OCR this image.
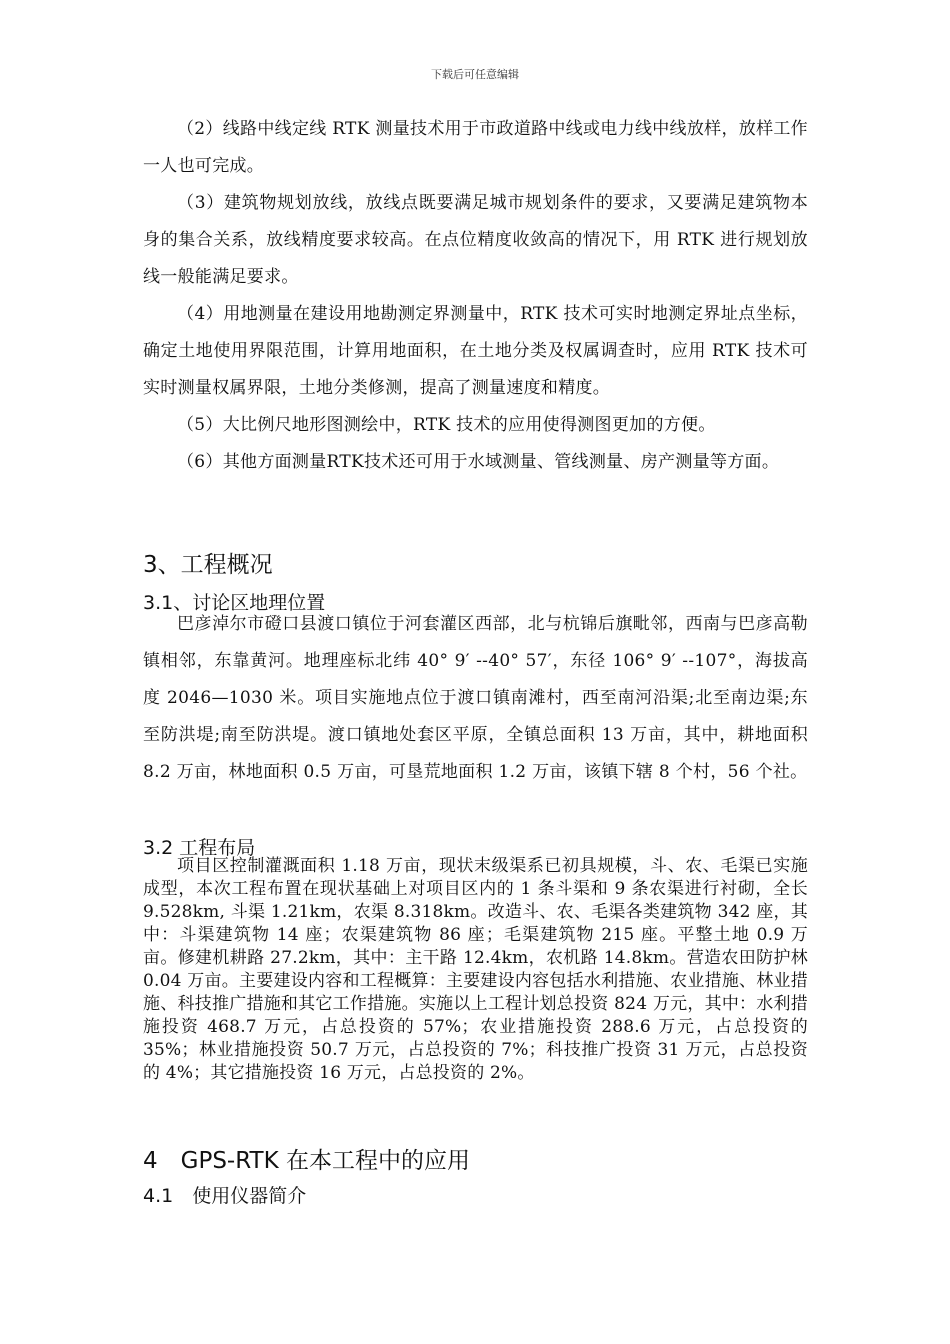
下载后可任意编辑

（2）线路中线定线 RTK 测量技术用于市政道路中线或电力线中线放样，放样工作一人也可完成。

（3）建筑物规划放线，放线点既要满足城市规划条件的要求，又要满足建筑物本身的集合关系，放线精度要求较高。在点位精度收敛高的情况下，用 RTK 进行规划放线一般能满足要求。

（4）用地测量在建设用地勘测定界测量中，RTK 技术可实时地测定界址点坐标，确定土地使用界限范围，计算用地面积，在土地分类及权属调查时，应用 RTK 技术可实时测量权属界限，土地分类修测，提高了测量速度和精度。

（5）大比例尺地形图测绘中，RTK 技术的应用使得测图更加的方便。

（6）其他方面测量RTK技术还可用于水域测量、管线测量、房产测量等方面。

3、工程概况
3.1、讨论区地理位置

巴彦淖尔市磴口县渡口镇位于河套灌区西部，北与杭锦后旗毗邻，西南与巴彦高勒镇相邻，东靠黄河。地理座标北纬 40° 9′ --40° 57′，东径 106° 9′ --107°，海拔高度 2046—1030 米。项目实施地点位于渡口镇南滩村，西至南河沿渠;北至南边渠;东至防洪堤;南至防洪堤。渡口镇地处套区平原，全镇总面积 13 万亩，其中，耕地面积 8.2 万亩，林地面积 0.5 万亩，可垦荒地面积 1.2 万亩，该镇下辖 8 个村，56 个社。

3.2 工程布局

项目区控制灌溉面积 1.18 万亩，现状末级渠系已初具规模，斗、农、毛渠已实施成型，本次工程布置在现状基础上对项目区内的 1 条斗渠和 9 条农渠进行衬砌，全长 9.528km, 斗渠 1.21km，农渠 8.318km。改造斗、农、毛渠各类建筑物 342 座，其中：斗渠建筑物 14 座；农渠建筑物 86 座；毛渠建筑物 215 座。平整土地 0.9 万亩。修建机耕路 27.2km，其中：主干路 12.4km，农机路 14.8km。营造农田防护林 0.04 万亩。主要建设内容和工程概算：主要建设内容包括水利措施、农业措施、林业措施、科技推广措施和其它工作措施。实施以上工程计划总投资 824 万元，其中：水利措施投资 468.7 万元，占总投资的 57%；农业措施投资 288.6 万元，占总投资的 35%；林业措施投资 50.7 万元，占总投资的 7%；科技推广投资 31 万元，占总投资的 4%；其它措施投资 16 万元，占总投资的 2%。

4　GPS-RTK 在本工程中的应用
4.1　使用仪器简介
